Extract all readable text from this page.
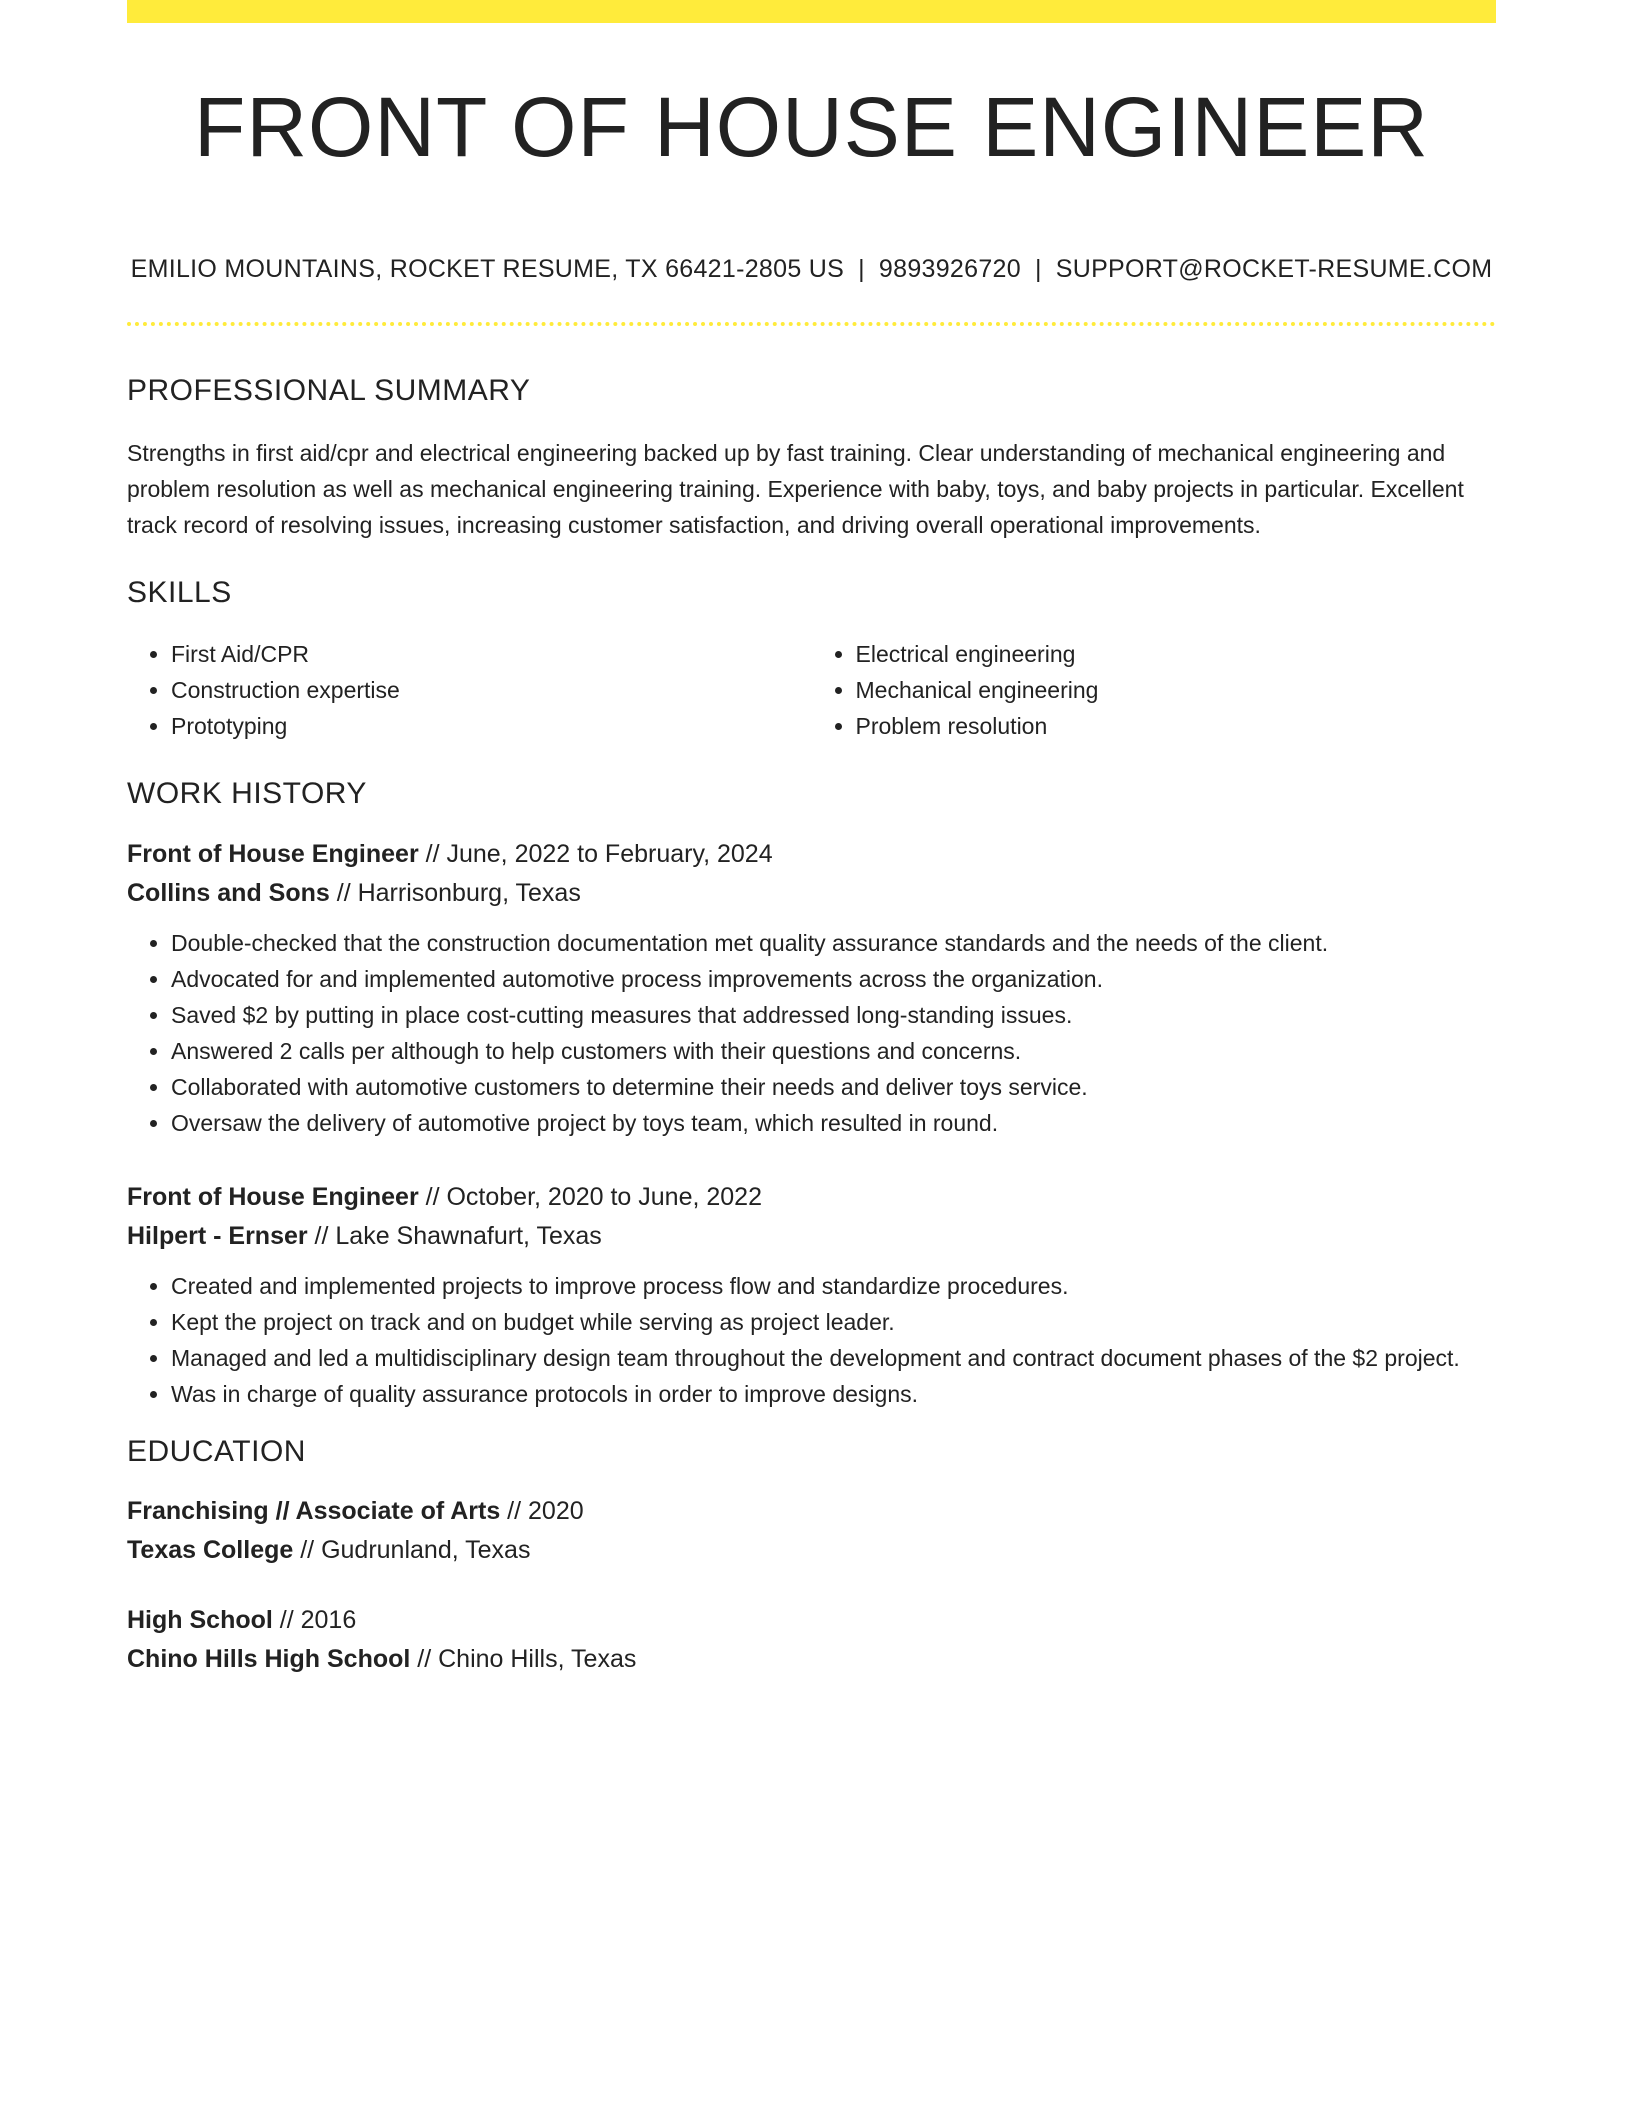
FRONT OF HOUSE ENGINEER
EMILIO MOUNTAINS, ROCKET RESUME, TX 66421-2805 US | 9893926720 | SUPPORT@ROCKET-RESUME.COM
PROFESSIONAL SUMMARY

Strengths in first aid/cpr and electrical engineering backed up by fast training. Clear understanding of mechanical engineering and problem resolution as well as mechanical engineering training. Experience with baby, toys, and baby projects in particular. Excellent track record of resolving issues, increasing customer satisfaction, and driving overall operational improvements.

SKILLS
• First Aid/CPR
• Construction expertise
• Prototyping
• Electrical engineering
• Mechanical engineering
• Problem resolution
WORK HISTORY
Front of House Engineer // June, 2022 to February, 2024
Collins and Sons // Harrisonburg, Texas
• Double-checked that the construction documentation met quality assurance standards and the needs of the client.
• Advocated for and implemented automotive process improvements across the organization.
• Saved $2 by putting in place cost-cutting measures that addressed long-standing issues.
• Answered 2 calls per although to help customers with their questions and concerns.
• Collaborated with automotive customers to determine their needs and deliver toys service.
• Oversaw the delivery of automotive project by toys team, which resulted in round.
Front of House Engineer // October, 2020 to June, 2022
Hilpert - Ernser // Lake Shawnafurt, Texas
• Created and implemented projects to improve process flow and standardize procedures.
• Kept the project on track and on budget while serving as project leader.
• Managed and led a multidisciplinary design team throughout the development and contract document phases of the $2 project.
• Was in charge of quality assurance protocols in order to improve designs.
EDUCATION
Franchising // Associate of Arts // 2020
Texas College // Gudrunland, Texas
High School // 2016
Chino Hills High School // Chino Hills, Texas
